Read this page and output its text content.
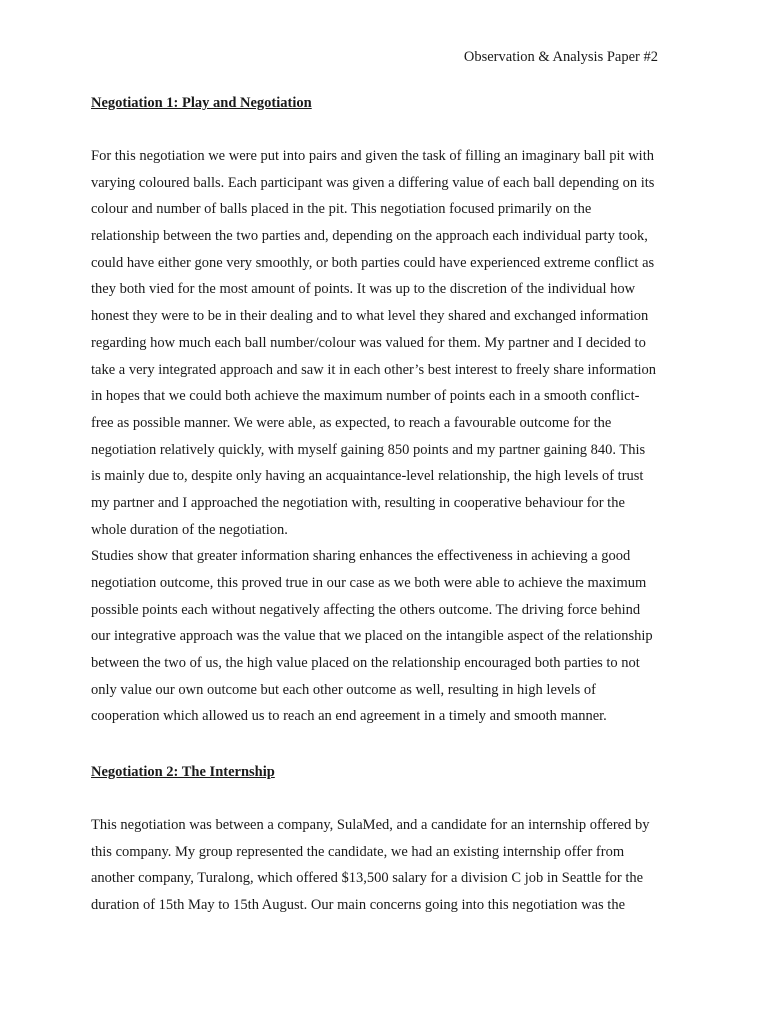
Observation & Analysis Paper #2
Negotiation 1: Play and Negotiation
For this negotiation we were put into pairs and given the task of filling an imaginary ball pit with
varying coloured balls. Each participant was given a differing value of each ball depending on its
colour and number of balls placed in the pit. This negotiation focused primarily on the
relationship between the two parties and, depending on the approach each individual party took,
could have either gone very smoothly, or both parties could have experienced extreme conflict as
they both vied for the most amount of points. It was up to the discretion of the individual how
honest they were to be in their dealing and to what level they shared and exchanged information
regarding how much each ball number/colour was valued for them. My partner and I decided to
take a very integrated approach and saw it in each other’s best interest to freely share information
in hopes that we could both achieve the maximum number of points each in a smooth conflict-
free as possible manner. We were able, as expected, to reach a favourable outcome for the
negotiation relatively quickly, with myself gaining 850 points and my partner gaining 840. This
is mainly due to, despite only having an acquaintance-level relationship, the high levels of trust
my partner and I approached the negotiation with, resulting in cooperative behaviour for the
whole duration of the negotiation.
Studies show that greater information sharing enhances the effectiveness in achieving a good
negotiation outcome, this proved true in our case as we both were able to achieve the maximum
possible points each without negatively affecting the others outcome. The driving force behind
our integrative approach was the value that we placed on the intangible aspect of the relationship
between the two of us, the high value placed on the relationship encouraged both parties to not
only value our own outcome but each other outcome as well, resulting in high levels of
cooperation which allowed us to reach an end agreement in a timely and smooth manner.
Negotiation 2: The Internship
This negotiation was between a company, SulaMed, and a candidate for an internship offered by
this company. My group represented the candidate, we had an existing internship offer from
another company, Turalong, which offered $13,500 salary for a division C job in Seattle for the
duration of 15th May to 15th August. Our main concerns going into this negotiation was the
